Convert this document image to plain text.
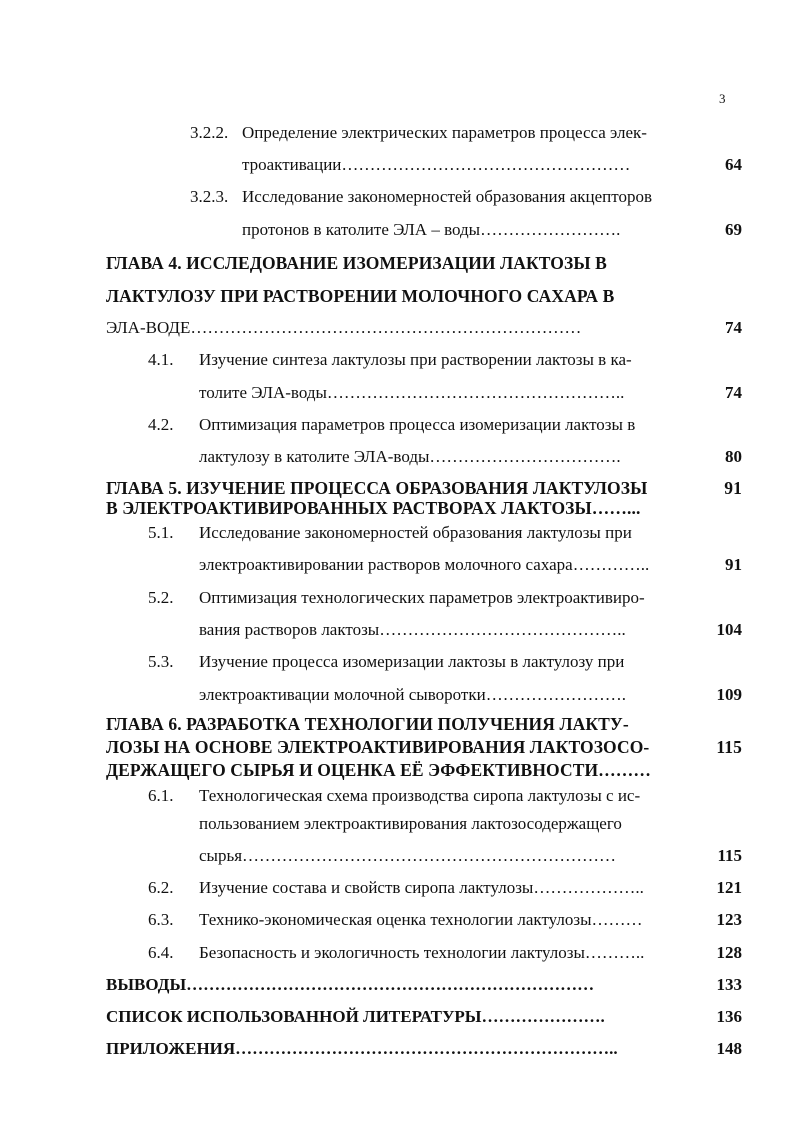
3
3.2.2. Определение электрических параметров процесса элек-
троактивации……………………………………………	64
3.2.3. Исследование закономерностей образования акцепторов
протонов в католите ЭЛА – воды…………………….	69
ГЛАВА 4. ИССЛЕДОВАНИЕ ИЗОМЕРИЗАЦИИ ЛАКТОЗЫ В
ЛАКТУЛОЗУ ПРИ РАСТВОРЕНИИ МОЛОЧНОГО САХАРА В
ЭЛА-ВОДЕ……………………………………………………………	74
4.1. Изучение синтеза лактулозы при растворении лактозы в ка-
толите ЭЛА-воды……………………………………………..	74
4.2. Оптимизация параметров процесса изомеризации лактозы в
лактулозу в католите ЭЛА-воды…………………………….	80
ГЛАВА 5. ИЗУЧЕНИЕ ПРОЦЕССА ОБРАЗОВАНИЯ ЛАКТУЛОЗЫ	91
В ЭЛЕКТРОАКТИВИРОВАННЫХ РАСТВОРАХ ЛАКТОЗЫ……...
5.1. Исследование закономерностей образования лактулозы при
электроактивировании растворов молочного сахара…………..	91
5.2. Оптимизация технологических параметров электроактивиро-
вания растворов лактозы……………………………………..	104
5.3. Изучение процесса изомеризации лактозы в лактулозу при
электроактивации молочной сыворотки…………………….	109
ГЛАВА 6. РАЗРАБОТКА ТЕХНОЛОГИИ ПОЛУЧЕНИЯ ЛАКТУ-
ЛОЗЫ НА ОСНОВЕ ЭЛЕКТРОАКТИВИРОВАНИЯ ЛАКТОЗОСО-	115
ДЕРЖАЩЕГО СЫРЬЯ И ОЦЕНКА ЕЁ ЭФФЕКТИВНОСТИ………
6.1. Технологическая схема производства сиропа лактулозы с ис-
пользованием электроактивирования лактозосодержащего
сырья…………………………………………………………	115
6.2. Изучение состава и свойств сиропа лактулозы………………..	121
6.3. Технико-экономическая оценка технологии лактулозы………	123
6.4. Безопасность и экологичность технологии лактулозы………..	128
ВЫВОДЫ………………………………………………………………	133
СПИСОК ИСПОЛЬЗОВАННОЙ ЛИТЕРАТУРЫ………………….	136
ПРИЛОЖЕНИЯ…………………………………………………………..	148
